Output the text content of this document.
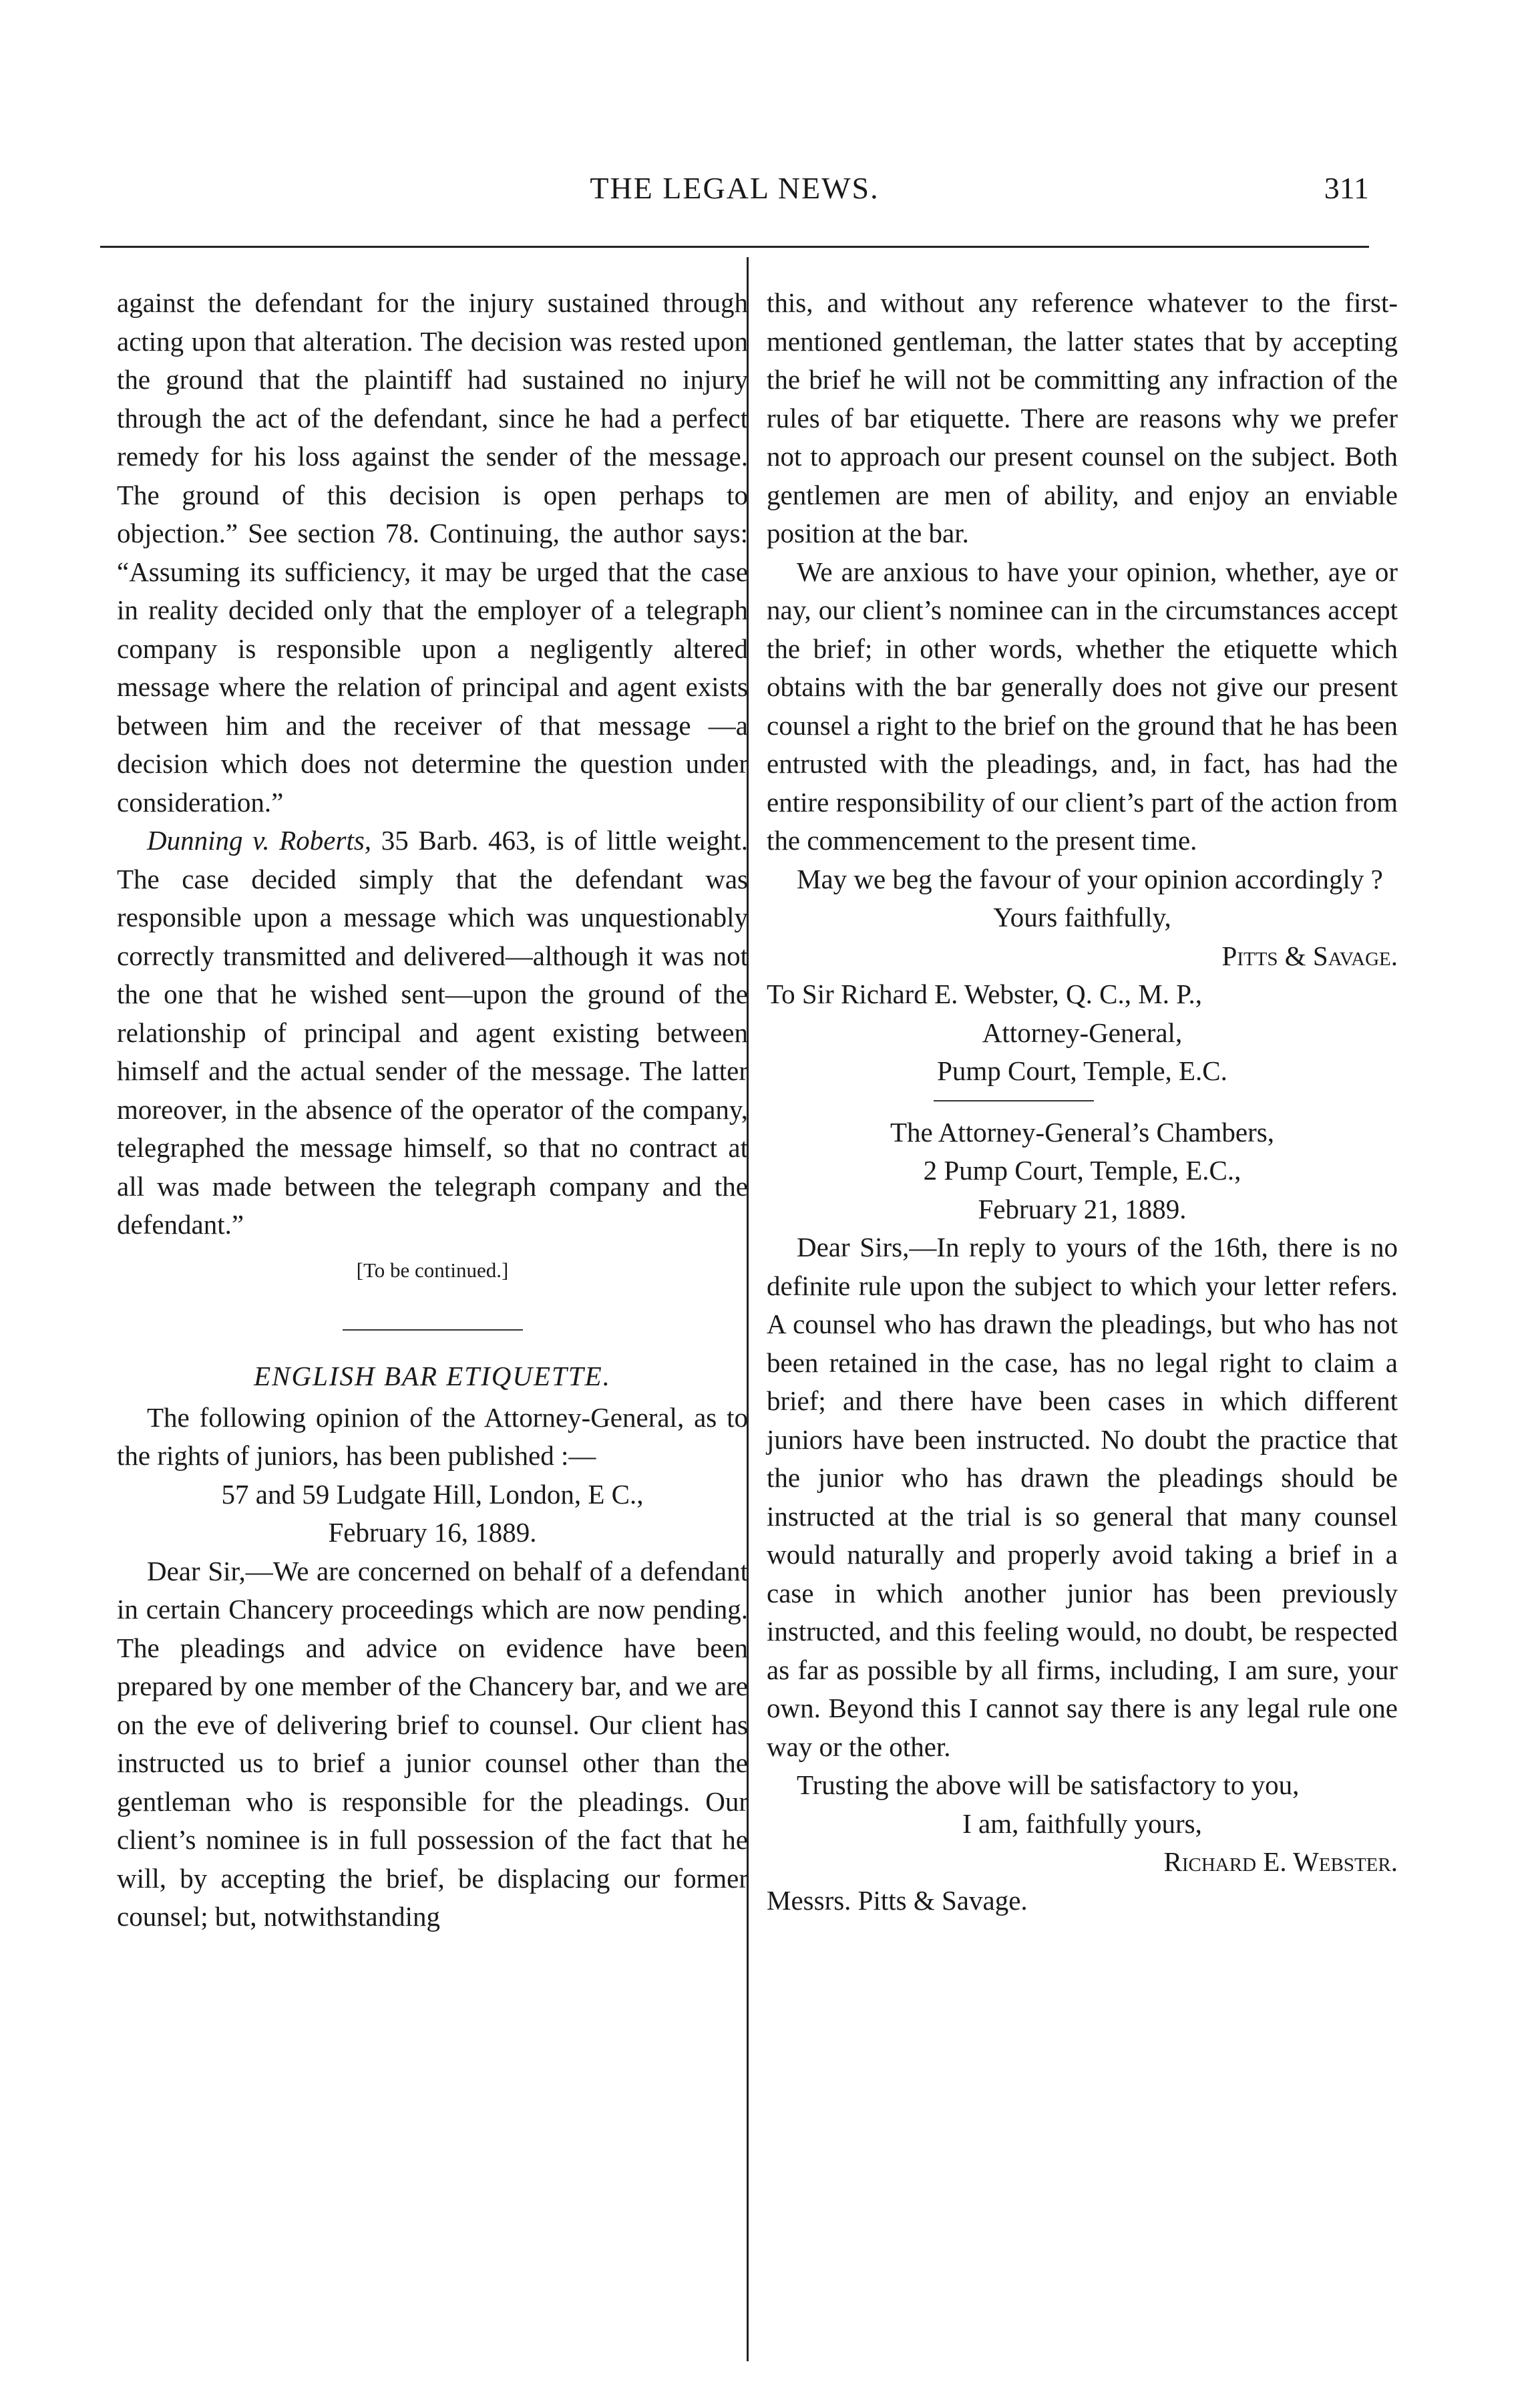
THE LEGAL NEWS.	311

against the defendant for the injury sustained through acting upon that alteration. The decision was rested upon the ground that the plaintiff had sustained no injury through the act of the defendant, since he had a perfect remedy for his loss against the sender of the message. The ground of this decision is open perhaps to objection.” See section 78. Continuing, the author says: “Assuming its sufficiency, it may be urged that the case in reality decided only that the employer of a telegraph company is responsible upon a negligently altered message where the relation of principal and agent exists between him and the receiver of that message —a decision which does not determine the question under consideration.”

Dunning v. Roberts, 35 Barb. 463, is of little weight. The case decided simply that the defendant was responsible upon a message which was unquestionably correctly transmitted and delivered—although it was not the one that he wished sent—upon the ground of the relationship of principal and agent existing between himself and the actual sender of the message. The latter moreover, in the absence of the operator of the company, telegraphed the message himself, so that no contract at all was made between the telegraph company and the defendant.”

[To be continued.]

ENGLISH BAR ETIQUETTE.

The following opinion of the Attorney-General, as to the rights of juniors, has been published :—

57 and 59 Ludgate Hill, London, E C.,

February 16, 1889.

Dear Sir,—We are concerned on behalf of a defendant in certain Chancery proceedings which are now pending. The pleadings and advice on evidence have been prepared by one member of the Chancery bar, and we are on the eve of delivering brief to counsel. Our client has instructed us to brief a junior counsel other than the gentleman who is responsible for the pleadings. Our client’s nominee is in full possession of the fact that he will, by accepting the brief, be displacing our former counsel; but, notwithstanding

this, and without any reference whatever to the first-mentioned gentleman, the latter states that by accepting the brief he will not be committing any infraction of the rules of bar etiquette. There are reasons why we prefer not to approach our present counsel on the subject. Both gentlemen are men of ability, and enjoy an enviable position at the bar.

We are anxious to have your opinion, whether, aye or nay, our client’s nominee can in the circumstances accept the brief; in other words, whether the etiquette which obtains with the bar generally does not give our present counsel a right to the brief on the ground that he has been entrusted with the pleadings, and, in fact, has had the entire responsibility of our client’s part of the action from the commencement to the present time.

May we beg the favour of your opinion accordingly ?

Yours faithfully,

Pitts & Savage.

To Sir Richard E. Webster, Q. C., M. P.,

Attorney-General,

Pump Court, Temple, E.C.

The Attorney-General’s Chambers,

2 Pump Court, Temple, E.C.,

February 21, 1889.

Dear Sirs,—In reply to yours of the 16th, there is no definite rule upon the subject to which your letter refers. A counsel who has drawn the pleadings, but who has not been retained in the case, has no legal right to claim a brief; and there have been cases in which different juniors have been instructed. No doubt the practice that the junior who has drawn the pleadings should be instructed at the trial is so general that many counsel would naturally and properly avoid taking a brief in a case in which another junior has been previously instructed, and this feeling would, no doubt, be respected as far as possible by all firms, including, I am sure, your own. Beyond this I cannot say there is any legal rule one way or the other.

Trusting the above will be satisfactory to you,

I am, faithfully yours,

Richard E. Webster.

Messrs. Pitts & Savage.
